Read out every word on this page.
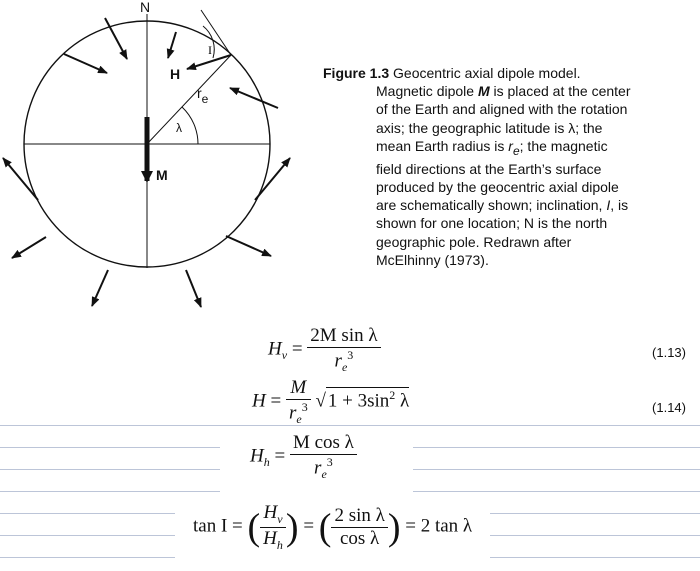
N
I
H
re
λ
M
Figure 1.3 Geocentric axial dipole model.
Magnetic dipole M is placed at the center
of the Earth and aligned with the rotation
axis; the geographic latitude is λ; the
mean Earth radius is $r_e$; the magnetic
field directions at the Earth’s surface
produced by the geocentric axial dipole
are schematically shown; inclination, I, is
shown for one location; N is the north
geographic pole. Redrawn after
McElhinny (1973).
$H_v = \frac{\text{2M sin λ}}{r_e^3}$	(1.13)
$H = \frac{M}{r_e^3}$ √ $1 + 3\sin^2$ λ	(1.14)
$H_h = \frac{\text{M cos λ}}{r_e^3}$
tan I = ( $\frac{H_v}{H_h}$ ) = ( $\frac{\text{2 sin λ}}{\text{cos λ}}$ ) = 2 tan λ
